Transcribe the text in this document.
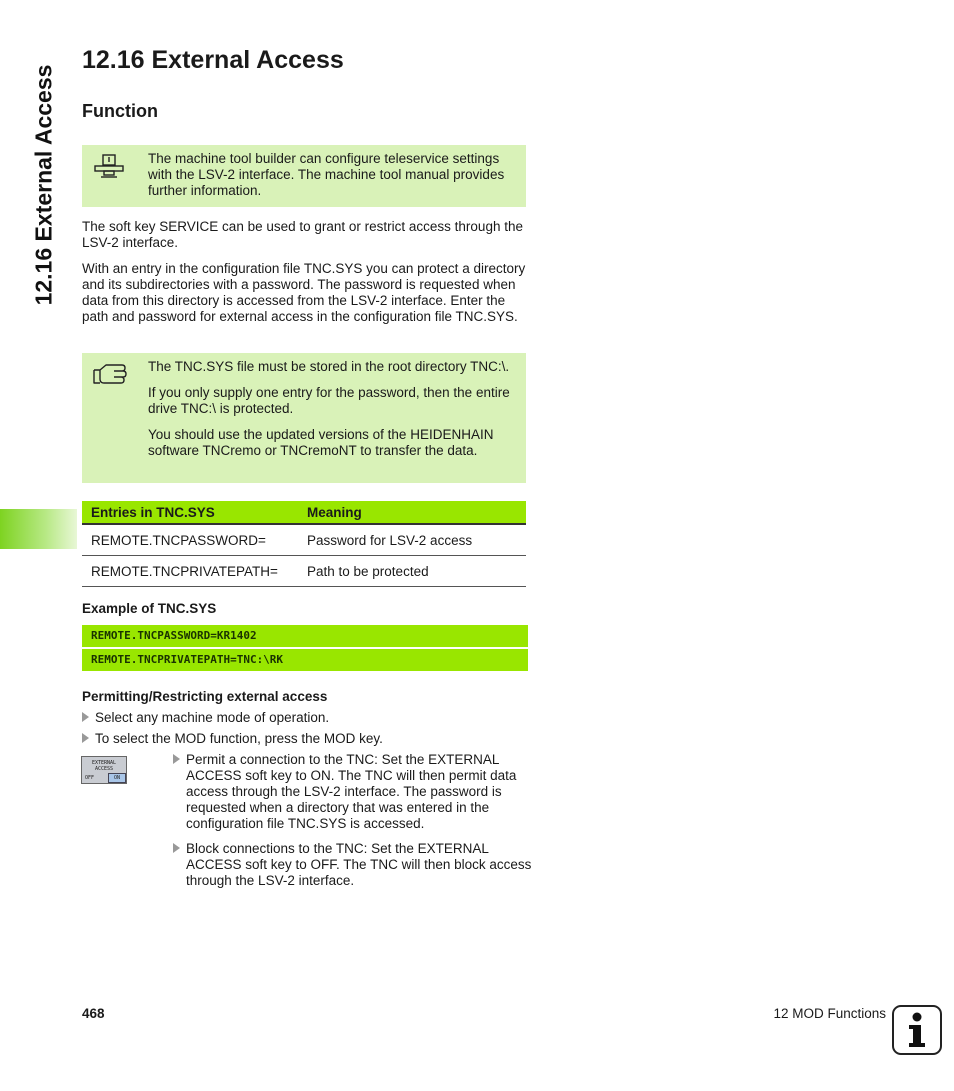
12.16 External Access
12.16 External Access
Function

The machine tool builder can configure teleservice settings with the LSV-2 interface. The machine tool manual provides further information.

The soft key SERVICE can be used to grant or restrict access through the LSV-2 interface.

With an entry in the configuration file TNC.SYS you can protect a directory and its subdirectories with a password. The password is requested when data from this directory is accessed from the LSV-2 interface. Enter the path and password for external access in the configuration file TNC.SYS.

The TNC.SYS file must be stored in the root directory TNC:\.

If you only supply one entry for the password, then the entire drive TNC:\ is protected.

You should use the updated versions of the HEIDENHAIN software TNCremo or TNCremoNT to transfer the data.

Entries in TNC.SYS	Meaning
REMOTE.TNCPASSWORD=	Password for LSV-2 access
REMOTE.TNCPRIVATEPATH=	Path to be protected

Example of TNC.SYS

REMOTE.TNCPASSWORD=KR1402
REMOTE.TNCPRIVATEPATH=TNC:\RK

Permitting/Restricting external access

Select any machine mode of operation.
To select the MOD function, press the MOD key.
EXTERNAL
ACCESS
OFF	ON
Permit a connection to the TNC: Set the EXTERNAL ACCESS soft key to ON. The TNC will then permit data access through the LSV-2 interface. The password is requested when a directory that was entered in the configuration file TNC.SYS is accessed.
Block connections to the TNC: Set the EXTERNAL ACCESS soft key to OFF. The TNC will then block access through the LSV-2 interface.
468	12 MOD Functions
